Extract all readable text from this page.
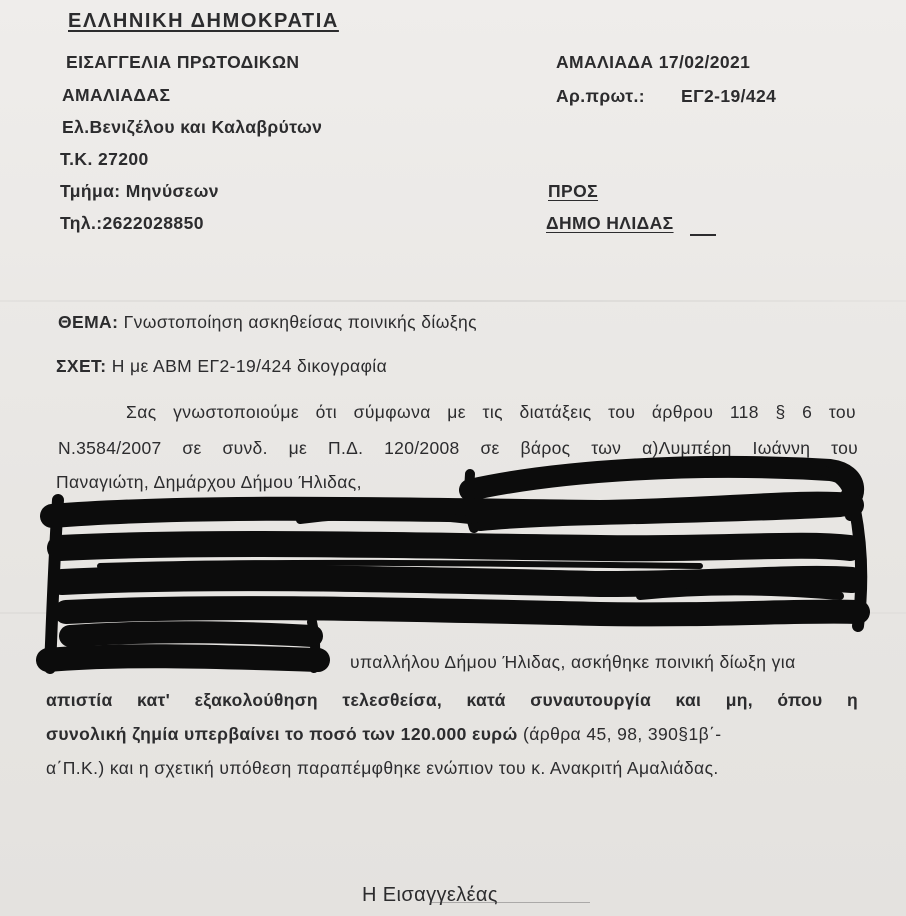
ΕΛΛΗΝΙΚΗ ΔΗΜΟΚΡΑΤΙΑ
ΕΙΣΑΓΓΕΛΙΑ ΠΡΩΤΟΔΙΚΩΝ
ΑΜΑΛΙΑΔΑΣ
Ελ.Βενιζέλου και Καλαβρύτων
Τ.Κ. 27200
Τμήμα: Μηνύσεων
Τηλ.:2622028850
ΑΜΑΛΙΑΔΑ 17/02/2021
Αρ.πρωτ.: ΕΓ2-19/424
ΠΡΟΣ
ΔΗΜΟ ΗΛΙΔΑΣ
ΘΕΜΑ: Γνωστοποίηση ασκηθείσας ποινικής δίωξης
ΣΧΕΤ: Η με ΑΒΜ ΕΓ2-19/424 δικογραφία
Σας γνωστοποιούμε ότι σύμφωνα με τις διατάξεις του άρθρου 118 § 6 του
Ν.3584/2007 σε συνδ. με Π.Δ. 120/2008 σε βάρος των α)Λυμπέρη Ιωάννη του
Παναγιώτη, Δημάρχου Δήμου Ήλιδας,
υπαλλήλου Δήμου Ήλιδας, ασκήθηκε ποινική δίωξη για
απιστία κατ' εξακολούθηση τελεσθείσα, κατά συναυτουργία και μη, όπου η
συνολική ζημία υπερβαίνει το ποσό των 120.000 ευρώ (άρθρα 45, 98, 390§1β΄-
α΄Π.Κ.) και η σχετική υπόθεση παραπέμφθηκε ενώπιον του κ. Ανακριτή Αμαλιάδας.
Η Εισαγγελέας
